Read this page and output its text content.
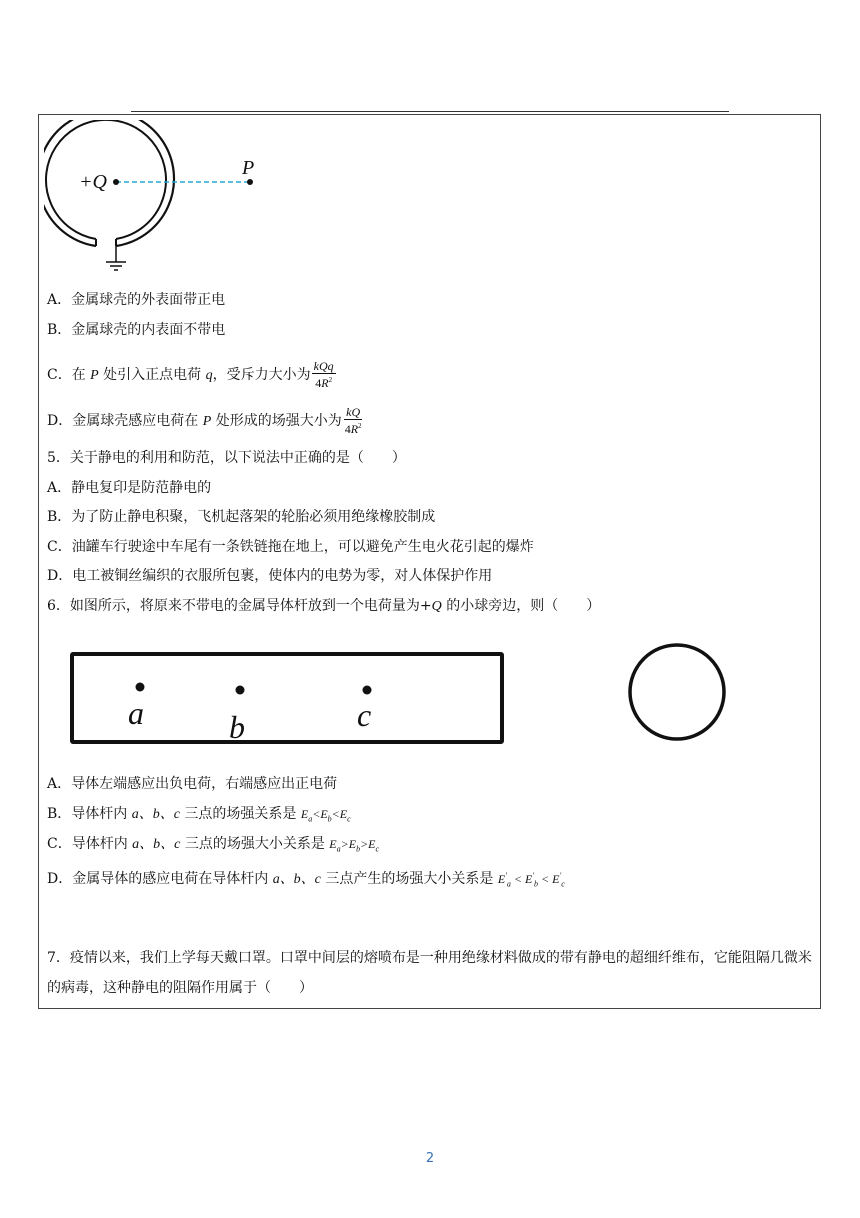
+Q
P
A．金属球壳的外表面带正电
B．金属球壳的内表面不带电
C．在 P 处引入正点电荷 q，受斥力大小为 $\frac{\text{kQq}}{4R^2}$
D．金属球壳感应电荷在 P 处形成的场强大小为 $\frac{kQ}{4R^2}$
5．关于静电的利用和防范，以下说法中正确的是（　　）
A．静电复印是防范静电的
B．为了防止静电积聚，飞机起落架的轮胎必须用绝缘橡胶制成
C．油罐车行驶途中车尾有一条铁链拖在地上，可以避免产生电火花引起的爆炸
D．电工被铜丝编织的衣服所包裹，使体内的电势为零，对人体保护作用
6．如图所示，将原来不带电的金属导体杆放到一个电荷量为+Q 的小球旁边，则（　　）
a	b	c
A．导体左端感应出负电荷，右端感应出正电荷
B．导体杆内 a、b、c 三点的场强关系是 $E_a<E_b<E_c$
C．导体杆内 a、b、c 三点的场强大小关系是 $E_a>E_b>E_c$
D．金属导体的感应电荷在导体杆内 a、b、c 三点产生的场强大小关系是 $E'_a < E'_b < E'_c$
7．疫情以来，我们上学每天戴口罩。口罩中间层的熔喷布是一种用绝缘材料做成的带有静电的超细纤维布，它能阻隔几微米的病毒，这种静电的阻隔作用属于（　　）
2
